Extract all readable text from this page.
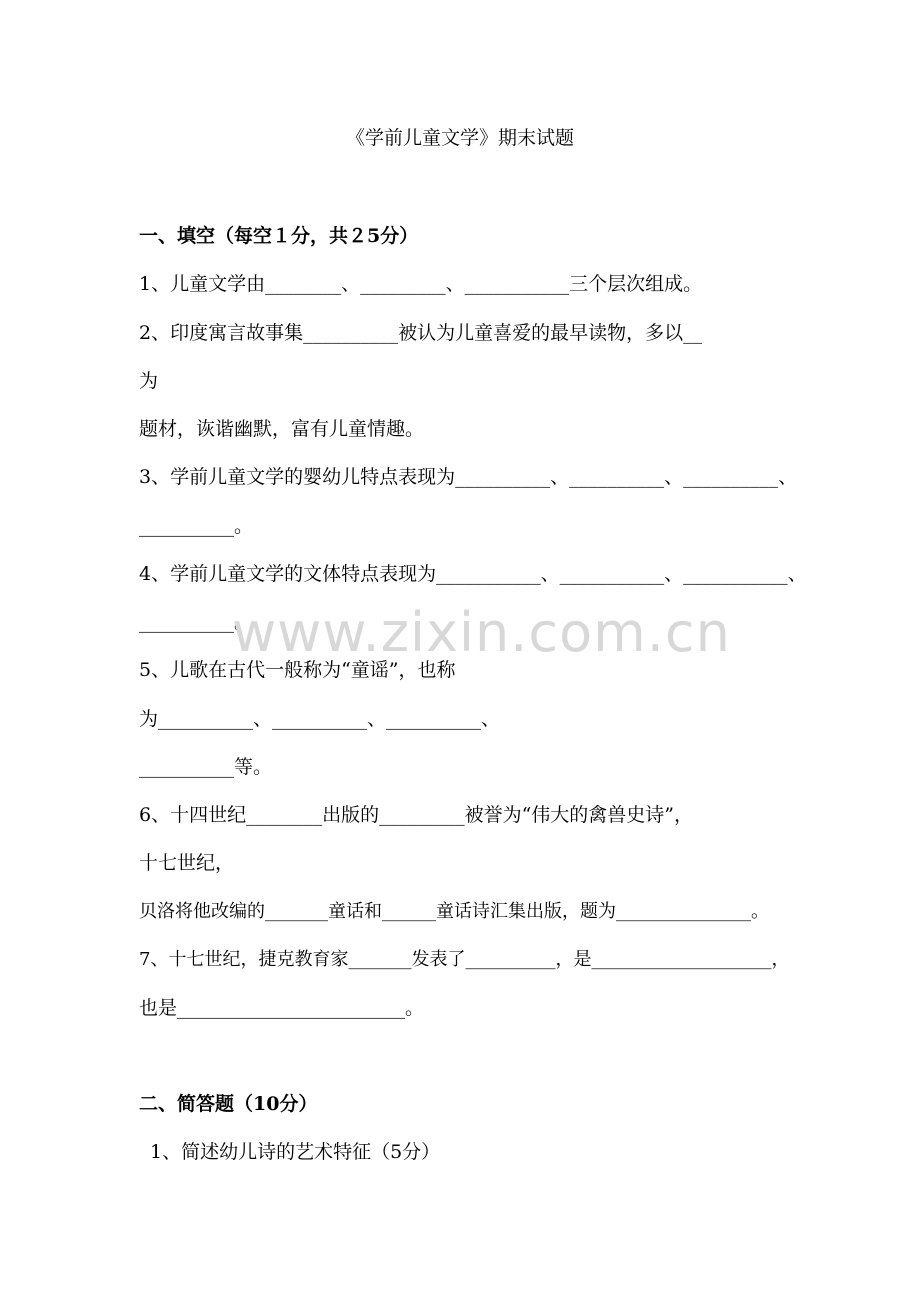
《学前儿童文学》期末试题
一、填空（每空１分，共２5分）
1、儿童文学由________、_________、___________三个层次组成。
2、印度寓言故事集__________被认为儿童喜爱的最早读物，多以__
为
题材，诙谐幽默，富有儿童情趣。
3、学前儿童文学的婴幼儿特点表现为__________、__________、__________、
__________。
4、学前儿童文学的文体特点表现为___________、___________、___________、
__________。
5、儿歌在古代一般称为“童谣”，也称
为__________、__________、__________、
__________等。
6、十四世纪________出版的_________被誉为“伟大的禽兽史诗”，
十七世纪，
贝洛将他改编的_______童话和______童话诗汇集出版，题为_______________。
7、十七世纪，捷克教育家_______发表了__________，是____________________，
也是________________________。
二、简答题（10分）
1、简述幼儿诗的艺术特征（5分）
www.zixin.com.cn
